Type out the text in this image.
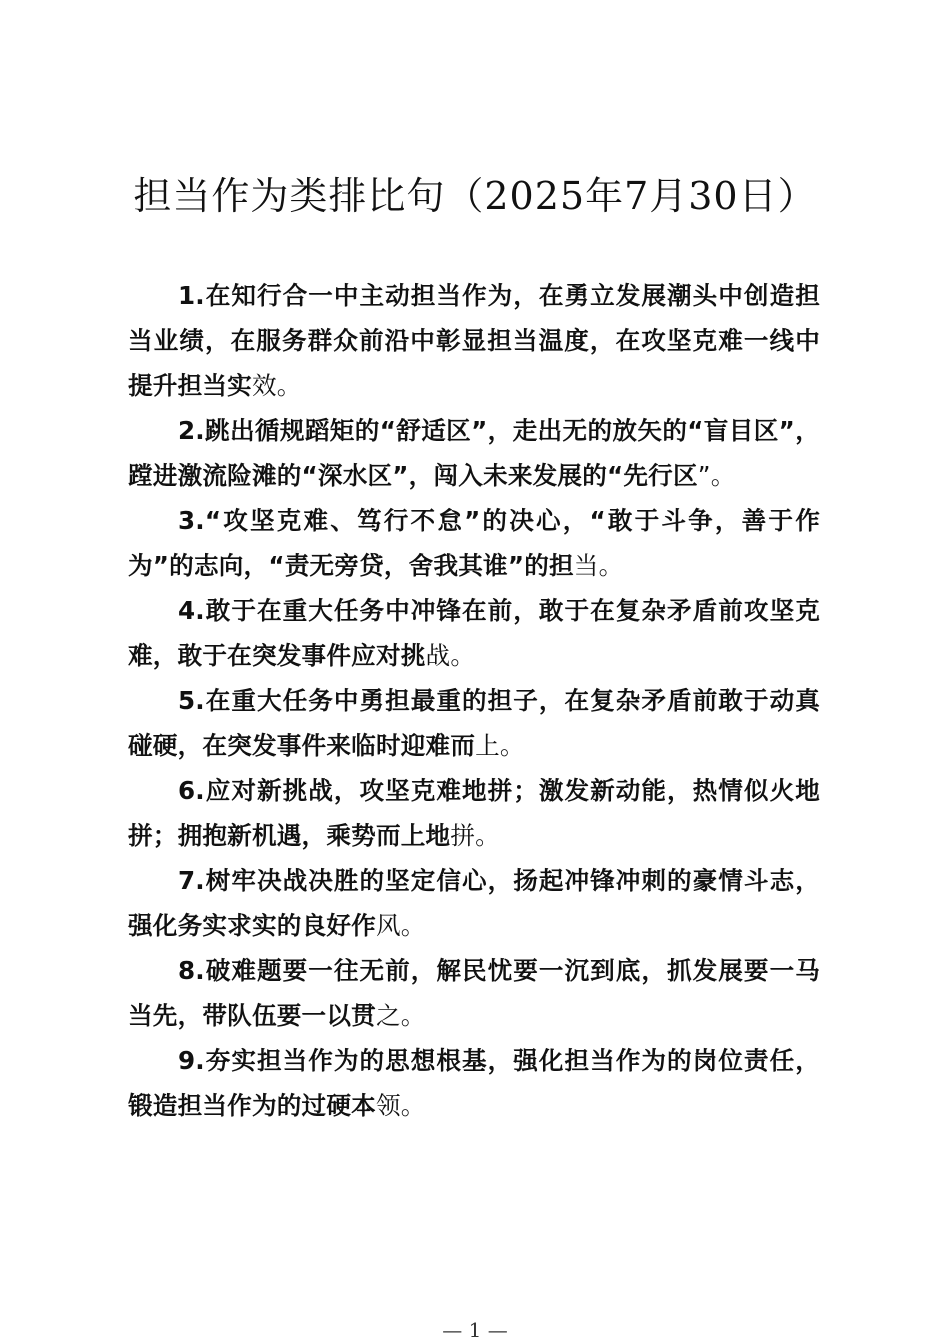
担当作为类排比句（2025年7月30日）

1.在知行合一中主动担当作为，在勇立发展潮头中创造担当业绩，在服务群众前沿中彰显担当温度，在攻坚克难一线中提升担当实效。

2.跳出循规蹈矩的“舒适区”，走出无的放矢的“盲目区”，蹚进激流险滩的“深水区”，闯入未来发展的“先行区”。

3.“攻坚克难、笃行不怠”的决心，“敢于斗争，善于作为”的志向，“责无旁贷，舍我其谁”的担当。

4.敢于在重大任务中冲锋在前，敢于在复杂矛盾前攻坚克难，敢于在突发事件应对挑战。

5.在重大任务中勇担最重的担子，在复杂矛盾前敢于动真碰硬，在突发事件来临时迎难而上。

6.应对新挑战，攻坚克难地拼；激发新动能，热情似火地拼；拥抱新机遇，乘势而上地拼。

7.树牢决战决胜的坚定信心，扬起冲锋冲刺的豪情斗志，强化务实求实的良好作风。

8.破难题要一往无前，解民忧要一沉到底，抓发展要一马当先，带队伍要一以贯之。

9.夯实担当作为的思想根基，强化担当作为的岗位责任，锻造担当作为的过硬本领。

— 1 —
